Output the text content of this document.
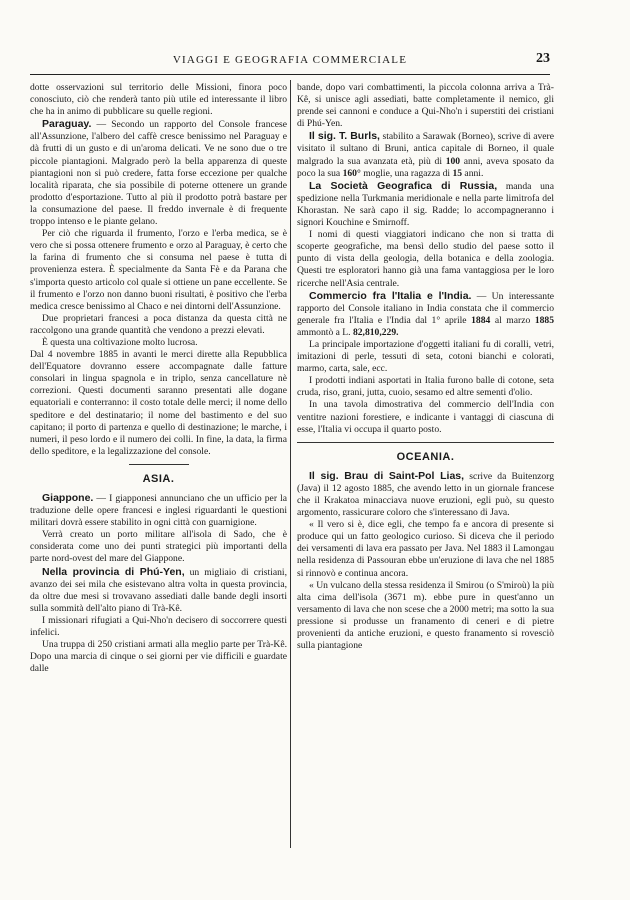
VIAGGI E GEOGRAFIA COMMERCIALE	23

dotte osservazioni sul territorio delle Missioni, finora poco conosciuto, ciò che renderà tanto più utile ed interessante il libro che ha in animo di pubblicare su quelle regioni.

Paraguay. — Secondo un rapporto del Console francese all'Assunzione, l'albero del caffè cresce benissimo nel Paraguay e dà frutti di un gusto e di un'aroma delicati. Ve ne sono due o tre piccole piantagioni. Malgrado però la bella apparenza di queste piantagioni non si può credere, fatta forse eccezione per qualche località riparata, che sia possibile di poterne ottenere un grande prodotto d'esportazione. Tutto al più il prodotto potrà bastare per la consumazione del paese. Il freddo invernale è di frequente troppo intenso e le piante gelano.

Per ciò che riguarda il frumento, l'orzo e l'erba medica, se è vero che si possa ottenere frumento e orzo al Paraguay, è certo che la farina di frumento che si consuma nel paese è tutta di provenienza estera. È specialmente da Santa Fè e da Parana che s'importa questo articolo col quale si ottiene un pane eccellente. Se il frumento e l'orzo non danno buoni risultati, è positivo che l'erba medica cresce benissimo al Chaco e nei dintorni dell'Assunzione.

Due proprietari francesi a poca distanza da questa città ne raccolgono una grande quantità che vendono a prezzi elevati.

È questa una coltivazione molto lucrosa.

Dal 4 novembre 1885 in avanti le merci dirette alla Repubblica dell'Equatore dovranno essere accompagnate dalle fatture consolari in lingua spagnola e in triplo, senza cancellature nè correzioni. Questi documenti saranno presentati alle dogane equatoriali e conterranno: il costo totale delle merci; il nome dello speditore e del destinatario; il nome del bastimento e del suo capitano; il porto di partenza e quello di destinazione; le marche, i numeri, il peso lordo e il numero dei colli. In fine, la data, la firma dello speditore, e la legalizzazione del console.

ASIA.

Giappone. — I giapponesi annunciano che un ufficio per la traduzione delle opere francesi e inglesi riguardanti le questioni militari dovrà essere stabilito in ogni città con guarnigione.

Verrà creato un porto militare all'isola di Sado, che è considerata come uno dei punti strategici più importanti della parte nord-ovest del mare del Giappone.

Nella provincia di Phú-Yen, un migliaio di cristiani, avanzo dei sei mila che esistevano altra volta in questa provincia, da oltre due mesi si trovavano assediati dalle bande degli insorti sulla sommità dell'alto piano di Trà-Kê.

I missionari rifugiati a Qui-Nho'n decisero di soccorrere questi infelici.

Una truppa di 250 cristiani armati alla meglio parte per Trà-Kê. Dopo una marcia di cinque o sei giorni per vie difficili e guardate dalle

bande, dopo vari combattimenti, la piccola colonna arriva a Trà-Kê, si unisce agli assediati, batte completamente il nemico, gli prende sei cannoni e conduce a Qui-Nho'n i superstiti dei cristiani di Phú-Yen.

Il sig. T. Burls, stabilito a Sarawak (Borneo), scrive di avere visitato il sultano di Bruni, antica capitale di Borneo, il quale malgrado la sua avanzata età, più di 100 anni, aveva sposato da poco la sua 160° moglie, una ragazza di 15 anni.

La Società Geografica di Russia, manda una spedizione nella Turkmania meridionale e nella parte limitrofa del Khorastan. Ne sarà capo il sig. Radde; lo accompagneranno i signori Kouchine e Smirnoff.

I nomi di questi viaggiatori indicano che non si tratta di scoperte geografiche, ma bensì dello studio del paese sotto il punto di vista della geologia, della botanica e della zoologia. Questi tre esploratori hanno già una fama vantaggiosa per le loro ricerche nell'Asia centrale.

Commercio fra l'Italia e l'India. — Un interessante rapporto del Console italiano in India constata che il commercio generale fra l'Italia e l'India dal 1° aprile 1884 al marzo 1885 ammontò a L. 82,810,229.

La principale importazione d'oggetti italiani fu di coralli, vetri, imitazioni di perle, tessuti di seta, cotoni bianchi e colorati, marmo, carta, sale, ecc.

I prodotti indiani asportati in Italia furono balle di cotone, seta cruda, riso, grani, jutta, cuoio, sesamo ed altre sementi d'olio.

In una tavola dimostrativa del commercio dell'India con ventitre nazioni forestiere, e indicante i vantaggi di ciascuna di esse, l'Italia vi occupa il quarto posto.

OCEANIA.

Il sig. Brau di Saint-Pol Lias, scrive da Buitenzorg (Java) il 12 agosto 1885, che avendo letto in un giornale francese che il Krakatoa minacciava nuove eruzioni, egli può, su questo argomento, rassicurare coloro che s'interessano di Java.

« Il vero si è, dice egli, che tempo fa e ancora di presente si produce qui un fatto geologico curioso. Si diceva che il periodo dei versamenti di lava era passato per Java. Nel 1883 il Lamongau nella residenza di Passouran ebbe un'eruzione di lava che nel 1885 si rinnovò e continua ancora.

« Un vulcano della stessa residenza il Smirou (o S'miroù) la più alta cima dell'isola (3671 m). ebbe pure in quest'anno un versamento di lava che non scese che a 2000 metri; ma sotto la sua pressione si produsse un franamento di ceneri e di pietre provenienti da antiche eruzioni, e questo franamento si rovesciò sulla piantagione
